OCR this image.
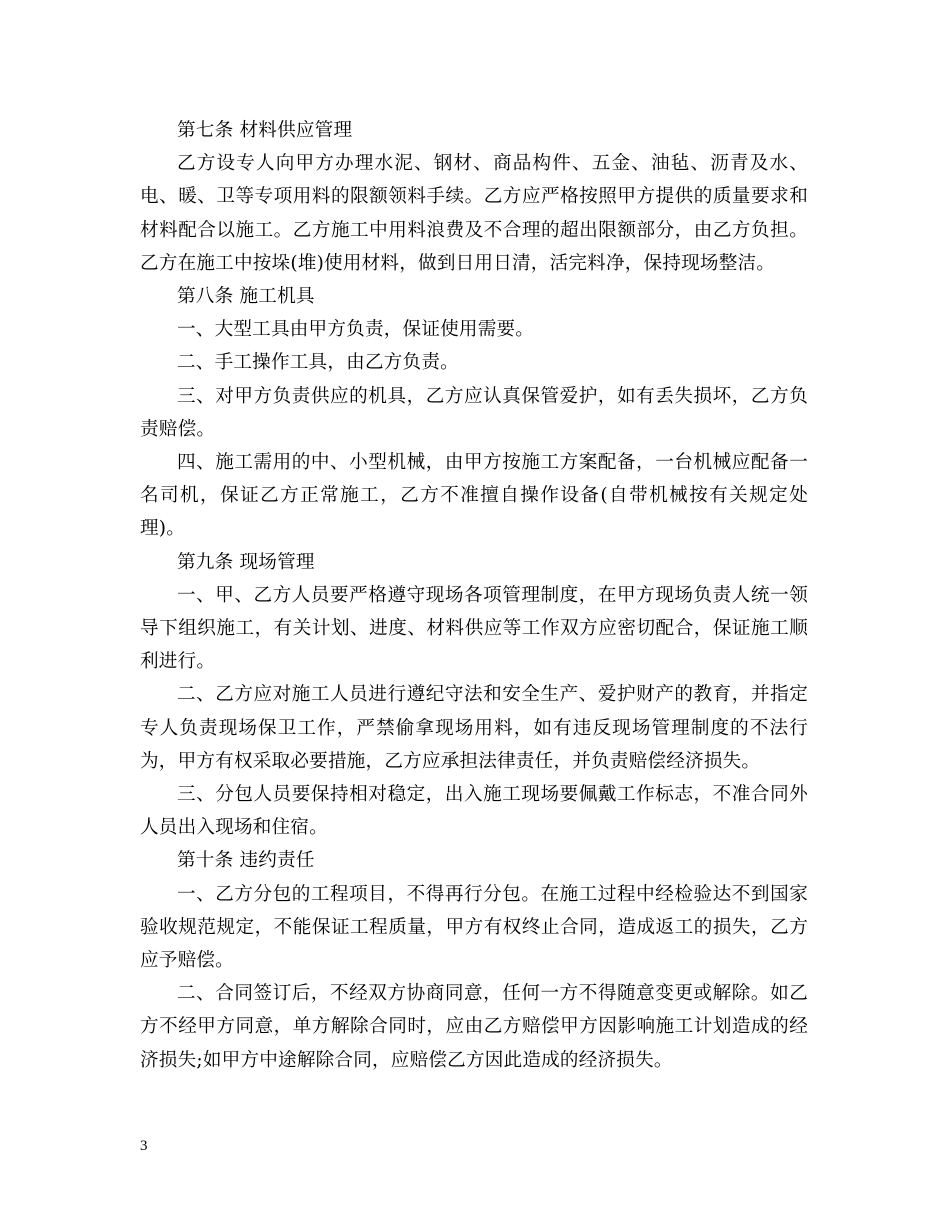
第七条 材料供应管理

乙方设专人向甲方办理水泥、钢材、商品构件、五金、油毡、沥青及水、电、暖、卫等专项用料的限额领料手续。乙方应严格按照甲方提供的质量要求和材料配合以施工。乙方施工中用料浪费及不合理的超出限额部分，由乙方负担。乙方在施工中按垛(堆)使用材料，做到日用日清，活完料净，保持现场整洁。

第八条 施工机具

一、大型工具由甲方负责，保证使用需要。

二、手工操作工具，由乙方负责。

三、对甲方负责供应的机具，乙方应认真保管爱护，如有丢失损坏，乙方负责赔偿。

四、施工需用的中、小型机械，由甲方按施工方案配备，一台机械应配备一名司机，保证乙方正常施工，乙方不准擅自操作设备(自带机械按有关规定处理)。

第九条 现场管理

一、甲、乙方人员要严格遵守现场各项管理制度，在甲方现场负责人统一领导下组织施工，有关计划、进度、材料供应等工作双方应密切配合，保证施工顺利进行。

二、乙方应对施工人员进行遵纪守法和安全生产、爱护财产的教育，并指定专人负责现场保卫工作，严禁偷拿现场用料，如有违反现场管理制度的不法行为，甲方有权采取必要措施，乙方应承担法律责任，并负责赔偿经济损失。

三、分包人员要保持相对稳定，出入施工现场要佩戴工作标志，不准合同外人员出入现场和住宿。

第十条 违约责任

一、乙方分包的工程项目，不得再行分包。在施工过程中经检验达不到国家验收规范规定，不能保证工程质量，甲方有权终止合同，造成返工的损失，乙方应予赔偿。

二、合同签订后，不经双方协商同意，任何一方不得随意变更或解除。如乙方不经甲方同意，单方解除合同时，应由乙方赔偿甲方因影响施工计划造成的经济损失;如甲方中途解除合同，应赔偿乙方因此造成的经济损失。

3
